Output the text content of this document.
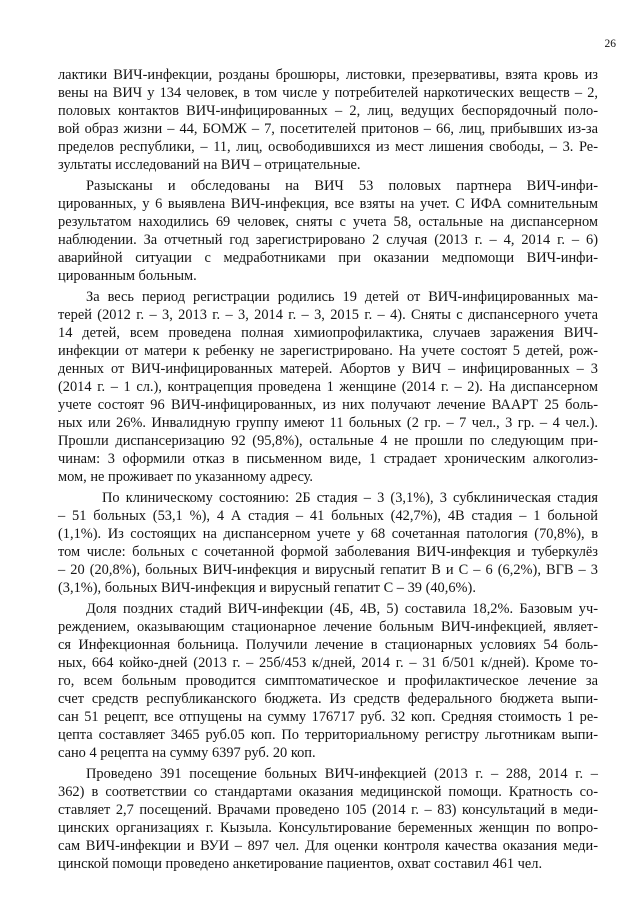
26
лактики ВИЧ-инфекции, розданы брошюры, листовки, презервативы, взята кровь из
вены на ВИЧ у 134 человек, в том числе у потребителей наркотических веществ – 2,
половых контактов ВИЧ-инфицированных – 2, лиц, ведущих беспорядочный поло-
вой образ жизни – 44, БОМЖ – 7, посетителей притонов – 66, лиц, прибывших из-за
пределов республики, – 11, лиц, освободившихся из мест лишения свободы, – 3. Ре-
зультаты исследований на ВИЧ – отрицательные.
Разысканы и обследованы на ВИЧ 53 половых партнера ВИЧ-инфи-
цированных, у 6 выявлена ВИЧ-инфекция, все взяты на учет. С ИФА сомнительным
результатом находились 69 человек, сняты с учета 58, остальные на диспансерном
наблюдении. За отчетный год зарегистрировано 2 случая (2013 г. – 4, 2014 г. – 6)
аварийной ситуации с медработниками при оказании медпомощи ВИЧ-инфи-
цированным больным.
За весь период регистрации родились 19 детей от ВИЧ-инфицированных ма-
терей (2012 г. – 3, 2013 г. – 3, 2014 г. – 3, 2015 г. – 4). Сняты с диспансерного учета
14 детей, всем проведена полная химиопрофилактика, случаев заражения ВИЧ-
инфекции от матери к ребенку не зарегистрировано. На учете состоят 5 детей, рож-
денных от ВИЧ-инфицированных матерей. Абортов у ВИЧ – инфицированных – 3
(2014 г. – 1 сл.), контрацепция проведена 1 женщине (2014 г. – 2). На диспансерном
учете состоят 96 ВИЧ-инфицированных, из них получают лечение ВААРТ 25 боль-
ных или 26%. Инвалидную группу имеют 11 больных (2 гр. – 7 чел., 3 гр. – 4 чел.).
Прошли диспансеризацию 92 (95,8%), остальные 4 не прошли по следующим при-
чинам: 3 оформили отказ в письменном виде, 1 страдает хроническим алкоголиз-
мом, не проживает по указанному адресу.
По клиническому состоянию: 2Б стадия – 3 (3,1%), 3 субклиническая стадия
– 51 больных (53,1 %), 4 А стадия – 41 больных (42,7%), 4В стадия – 1 больной
(1,1%). Из состоящих на диспансерном учете у 68 сочетанная патология (70,8%), в
том числе: больных с сочетанной формой заболевания ВИЧ-инфекция и туберкулёз
– 20 (20,8%), больных ВИЧ-инфекция и вирусный гепатит В и С – 6 (6,2%), ВГВ – 3
(3,1%), больных ВИЧ-инфекция и вирусный гепатит С – 39 (40,6%).
Доля поздних стадий ВИЧ-инфекции (4Б, 4В, 5) составила 18,2%. Базовым уч-
реждением, оказывающим стационарное лечение больным ВИЧ-инфекцией, являет-
ся Инфекционная больница. Получили лечение в стационарных условиях 54 боль-
ных, 664 койко-дней (2013 г. – 25б/453 к/дней, 2014 г. – 31 б/501 к/дней). Кроме то-
го, всем больным проводится симптоматическое и профилактическое лечение за
счет средств республиканского бюджета. Из средств федерального бюджета выпи-
сан 51 рецепт, все отпущены на сумму 176717 руб. 32 коп. Средняя стоимость 1 ре-
цепта составляет 3465 руб.05 коп. По территориальному регистру льготникам выпи-
сано 4 рецепта на сумму 6397 руб. 20 коп.
Проведено 391 посещение больных ВИЧ-инфекцией (2013 г. – 288, 2014 г. –
362) в соответствии со стандартами оказания медицинской помощи. Кратность со-
ставляет 2,7 посещений. Врачами проведено 105 (2014 г. – 83) консультаций в меди-
цинских организациях г. Кызыла. Консультирование беременных женщин по вопро-
сам ВИЧ-инфекции и ВУИ – 897 чел. Для оценки контроля качества оказания меди-
цинской помощи проведено анкетирование пациентов, охват составил 461 чел.
